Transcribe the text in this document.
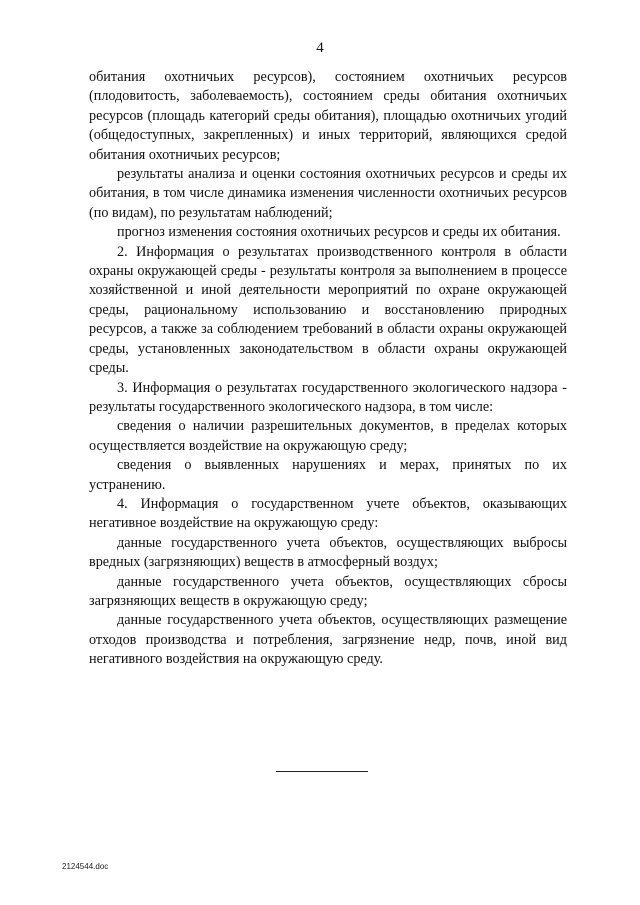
4

обитания охотничьих ресурсов), состоянием охотничьих ресурсов (плодовитость, заболеваемость), состоянием среды обитания охотничьих ресурсов (площадь категорий среды обитания), площадью охотничьих угодий (общедоступных, закрепленных) и иных территорий, являющихся средой обитания охотничьих ресурсов;

результаты анализа и оценки состояния охотничьих ресурсов и среды их обитания, в том числе динамика изменения численности охотничьих ресурсов (по видам), по результатам наблюдений;

прогноз изменения состояния охотничьих ресурсов и среды их обитания.

2. Информация о результатах производственного контроля в области охраны окружающей среды - результаты контроля за выполнением в процессе хозяйственной и иной деятельности мероприятий по охране окружающей среды, рациональному использованию и восстановлению природных ресурсов, а также за соблюдением требований в области охраны окружающей среды, установленных законодательством в области охраны окружающей среды.

3. Информация о результатах государственного экологического надзора - результаты государственного экологического надзора, в том числе:

сведения о наличии разрешительных документов, в пределах которых осуществляется воздействие на окружающую среду;

сведения о выявленных нарушениях и мерах, принятых по их устранению.

4. Информация о государственном учете объектов, оказывающих негативное воздействие на окружающую среду:

данные государственного учета объектов, осуществляющих выбросы вредных (загрязняющих) веществ в атмосферный воздух;

данные государственного учета объектов, осуществляющих сбросы загрязняющих веществ в окружающую среду;

данные государственного учета объектов, осуществляющих размещение отходов производства и потребления, загрязнение недр, почв, иной вид негативного воздействия на окружающую среду.

2124544.doc
